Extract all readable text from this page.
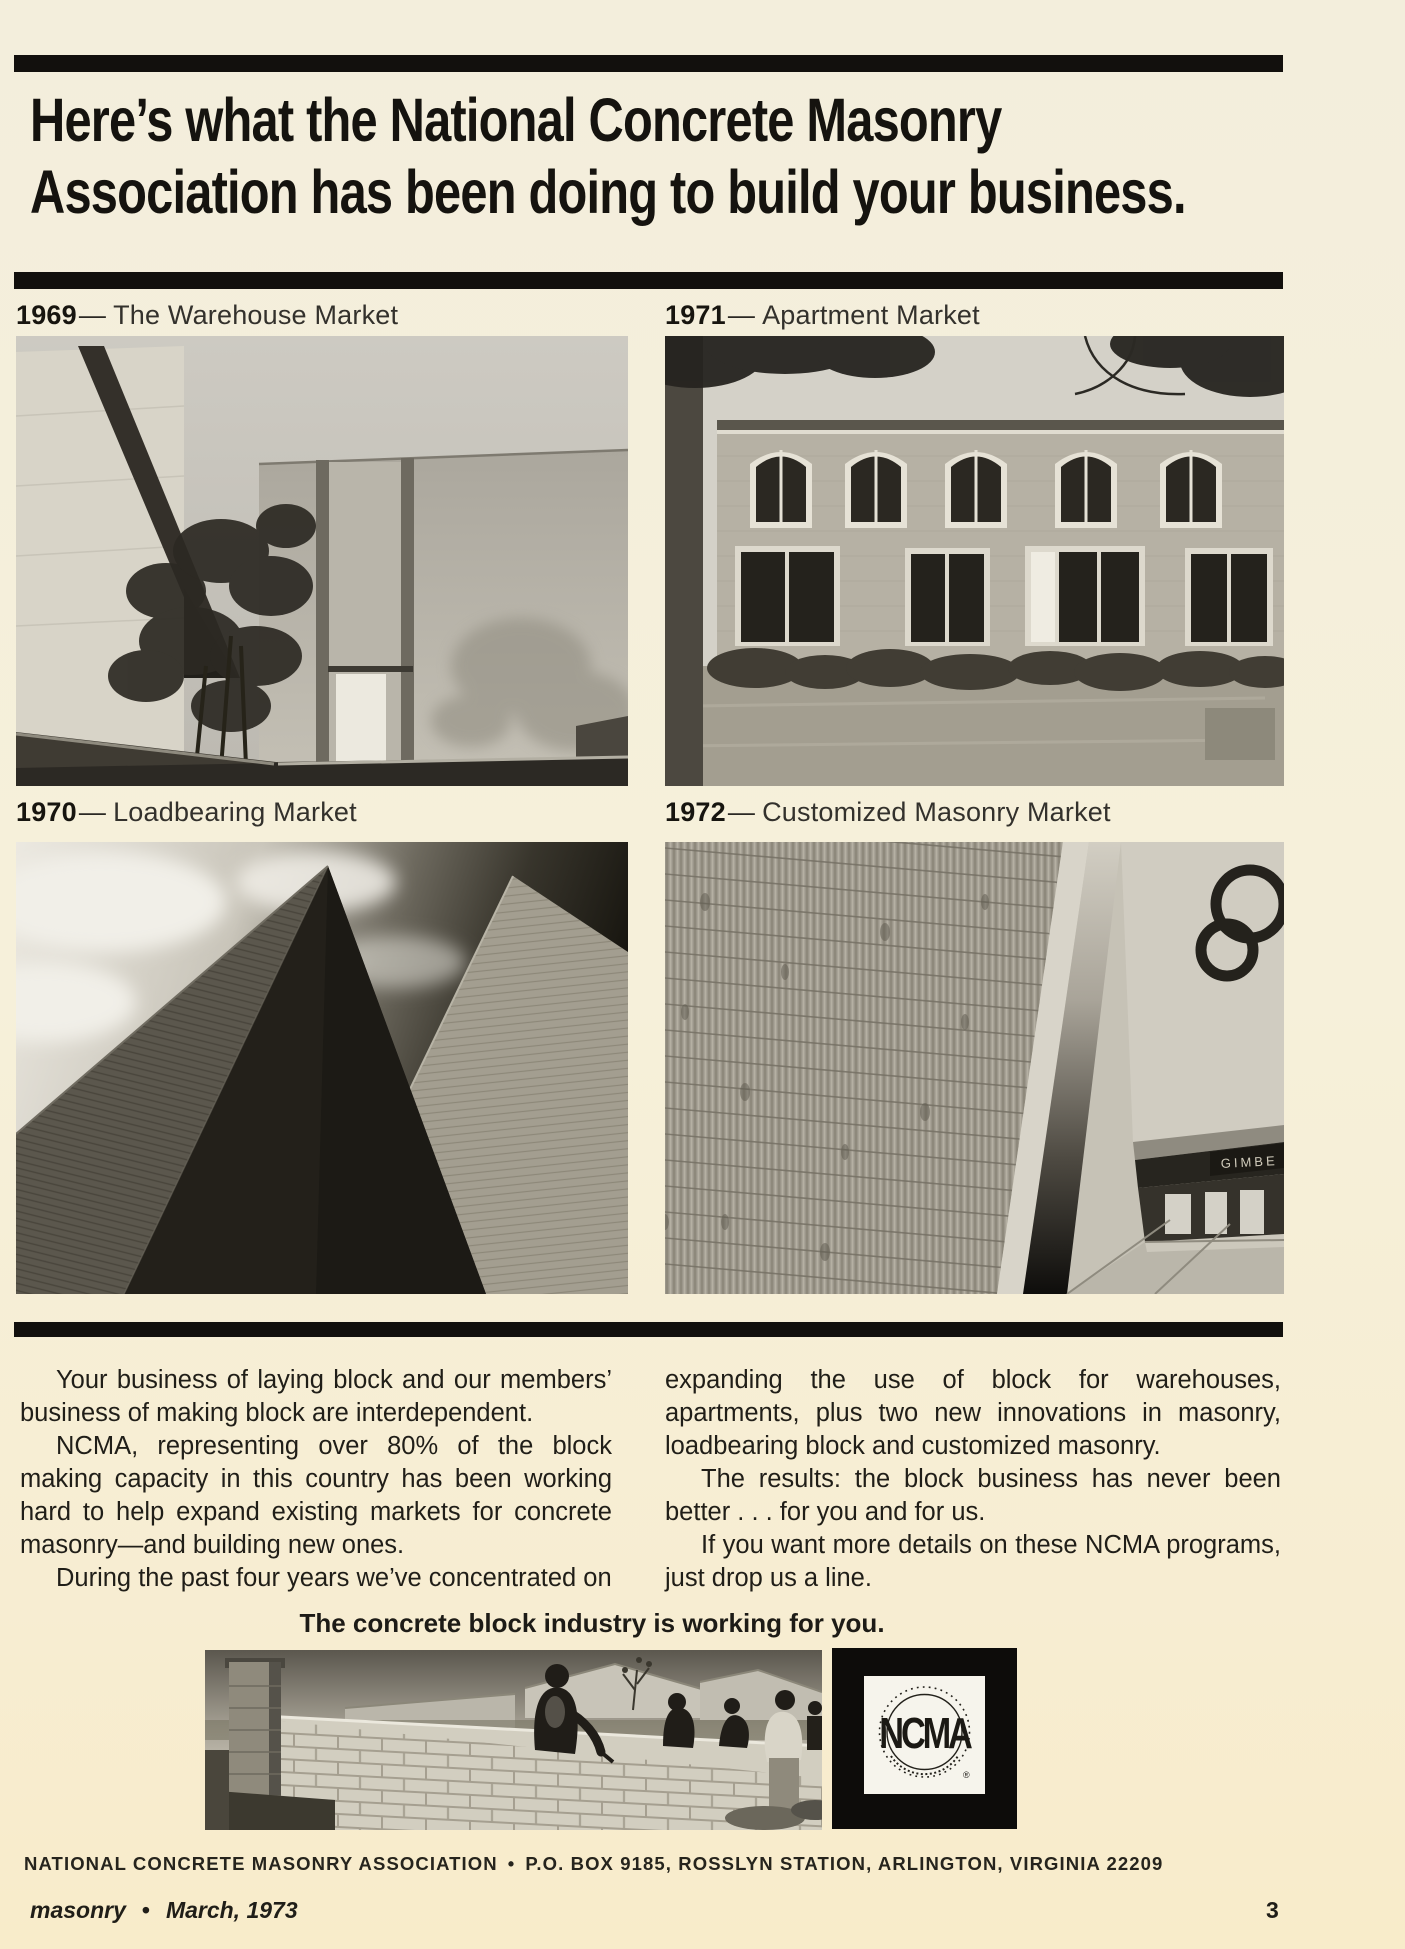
Here’s what the National Concrete Masonry
Association has been doing to build your business.
1969— The Warehouse Market	1971— Apartment Market
1970— Loadbearing Market	1972— Customized Masonry Market
GIMBE

Your business of laying block and our members’ business of making block are interdependent.

NCMA, representing over 80% of the block making capacity in this country has been working hard to help expand existing markets for concrete masonry—and building new ones.

During the past four years we’ve concentrated on

expanding the use of block for warehouses, apartments, plus two new innovations in masonry, loadbearing block and customized masonry.

The results: the block business has never been better . . . for you and for us.

If you want more details on these NCMA programs, just drop us a line.

The concrete block industry is working for you.
NCMA
®
NATIONAL CONCRETE MASONRY ASSOCIATION • P.O. BOX 9185, ROSSLYN STATION, ARLINGTON, VIRGINIA 22209
masonry • March, 1973	3
